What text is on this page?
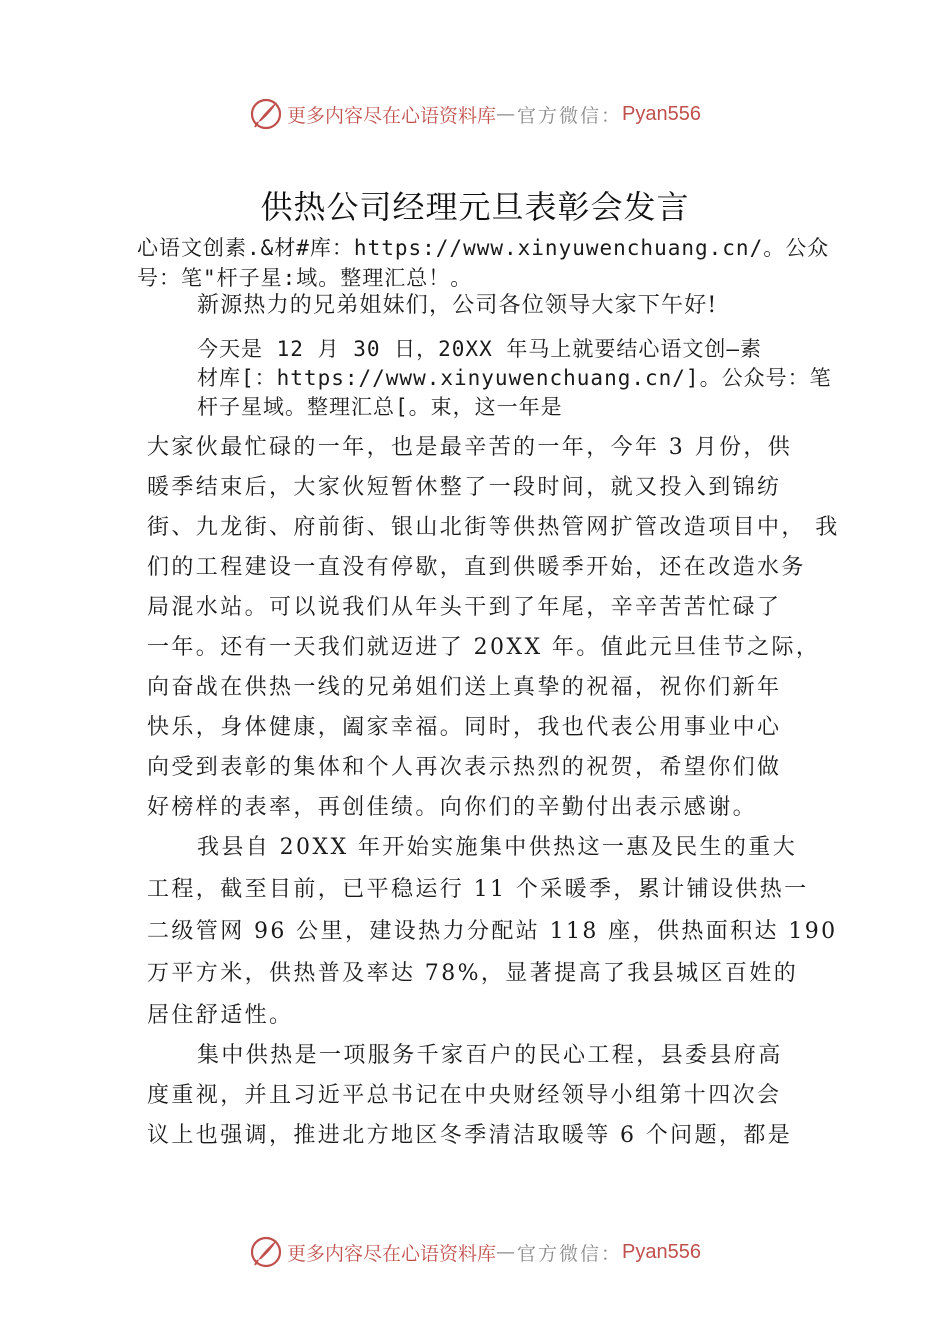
更多内容尽在心语资料库 — 官方微信： Pyan556
供热公司经理元旦表彰会发言
心语文创素.&材#库：https://www.xinyuwenchuang.cn/。公众
号：笔"杆子星:域。整理汇总！。
新源热力的兄弟姐妹们，公司各位领导大家下午好!
今天是 12 月 30 日，20XX 年马上就要结心语文创—素
材库[：https://www.xinyuwenchuang.cn/]。公众号：笔
杆子星域。整理汇总[。束，这一年是
大家伙最忙碌的一年，也是最辛苦的一年，今年 3 月份，供
暖季结束后，大家伙短暂休整了一段时间，就又投入到锦纺
街、九龙街、府前街、银山北街等供热管网扩管改造项目中， 我
们的工程建设一直没有停歇，直到供暖季开始，还在改造水务
局混水站。可以说我们从年头干到了年尾，辛辛苦苦忙碌了
一年。还有一天我们就迈进了 20XX 年。值此元旦佳节之际，
向奋战在供热一线的兄弟姐们送上真挚的祝福，祝你们新年
快乐，身体健康，阖家幸福。同时，我也代表公用事业中心
向受到表彰的集体和个人再次表示热烈的祝贺，希望你们做
好榜样的表率，再创佳绩。向你们的辛勤付出表示感谢。
我县自 20XX 年开始实施集中供热这一惠及民生的重大
工程，截至目前，已平稳运行 11 个采暖季，累计铺设供热一
二级管网 96 公里，建设热力分配站 118 座，供热面积达 190
万平方米，供热普及率达 78%，显著提高了我县城区百姓的
居住舒适性。
集中供热是一项服务千家百户的民心工程，县委县府高
度重视，并且习近平总书记在中央财经领导小组第十四次会
议上也强调，推进北方地区冬季清洁取暖等 6 个问题，都是
更多内容尽在心语资料库 — 官方微信： Pyan556
